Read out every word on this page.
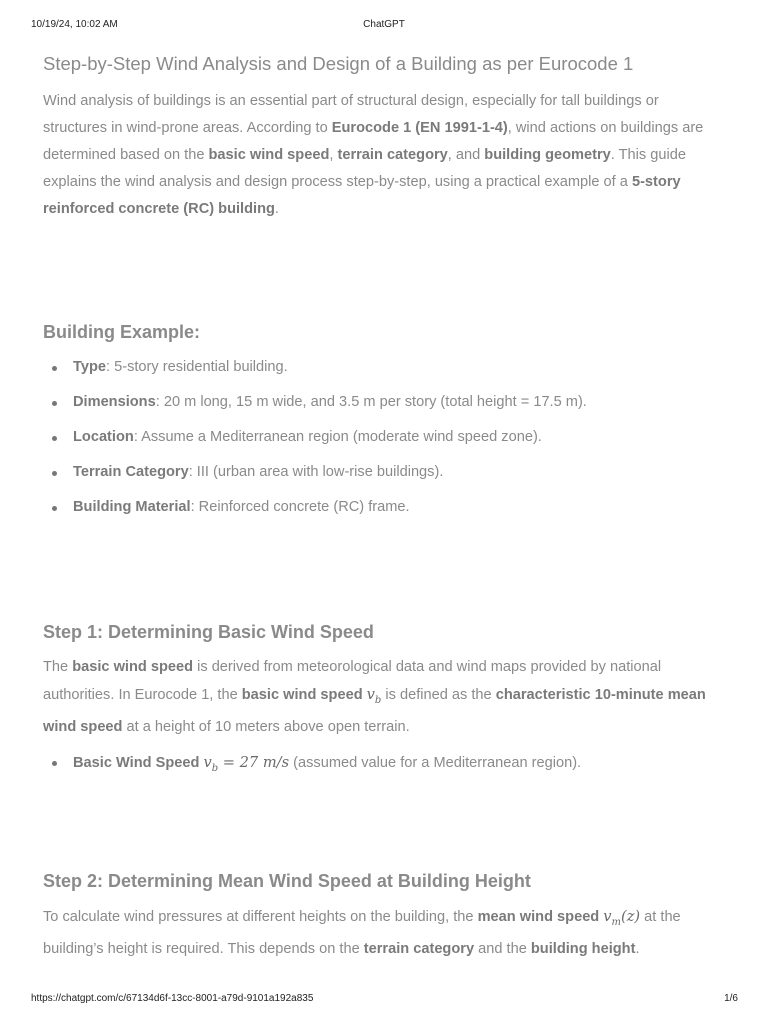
10/19/24, 10:02 AM	ChatGPT
Step-by-Step Wind Analysis and Design of a Building as per Eurocode 1

Wind analysis of buildings is an essential part of structural design, especially for tall buildings or structures in wind-prone areas. According to Eurocode 1 (EN 1991-1-4), wind actions on buildings are determined based on the basic wind speed, terrain category, and building geometry. This guide explains the wind analysis and design process step-by-step, using a practical example of a 5-story reinforced concrete (RC) building.

Building Example:
Type: 5-story residential building.
Dimensions: 20 m long, 15 m wide, and 3.5 m per story (total height = 17.5 m).
Location: Assume a Mediterranean region (moderate wind speed zone).
Terrain Category: III (urban area with low-rise buildings).
Building Material: Reinforced concrete (RC) frame.
Step 1: Determining Basic Wind Speed

The basic wind speed is derived from meteorological data and wind maps provided by national authorities. In Eurocode 1, the basic wind speed $v_b$ is defined as the characteristic 10-minute mean wind speed at a height of 10 meters above open terrain.

Basic Wind Speed $v_b = 27$ m/s (assumed value for a Mediterranean region).
Step 2: Determining Mean Wind Speed at Building Height

To calculate wind pressures at different heights on the building, the mean wind speed $v_m(z)$ at the building’s height is required. This depends on the terrain category and the building height.

https://chatgpt.com/c/67134d6f-13cc-8001-a79d-9101a192a835	1/6
